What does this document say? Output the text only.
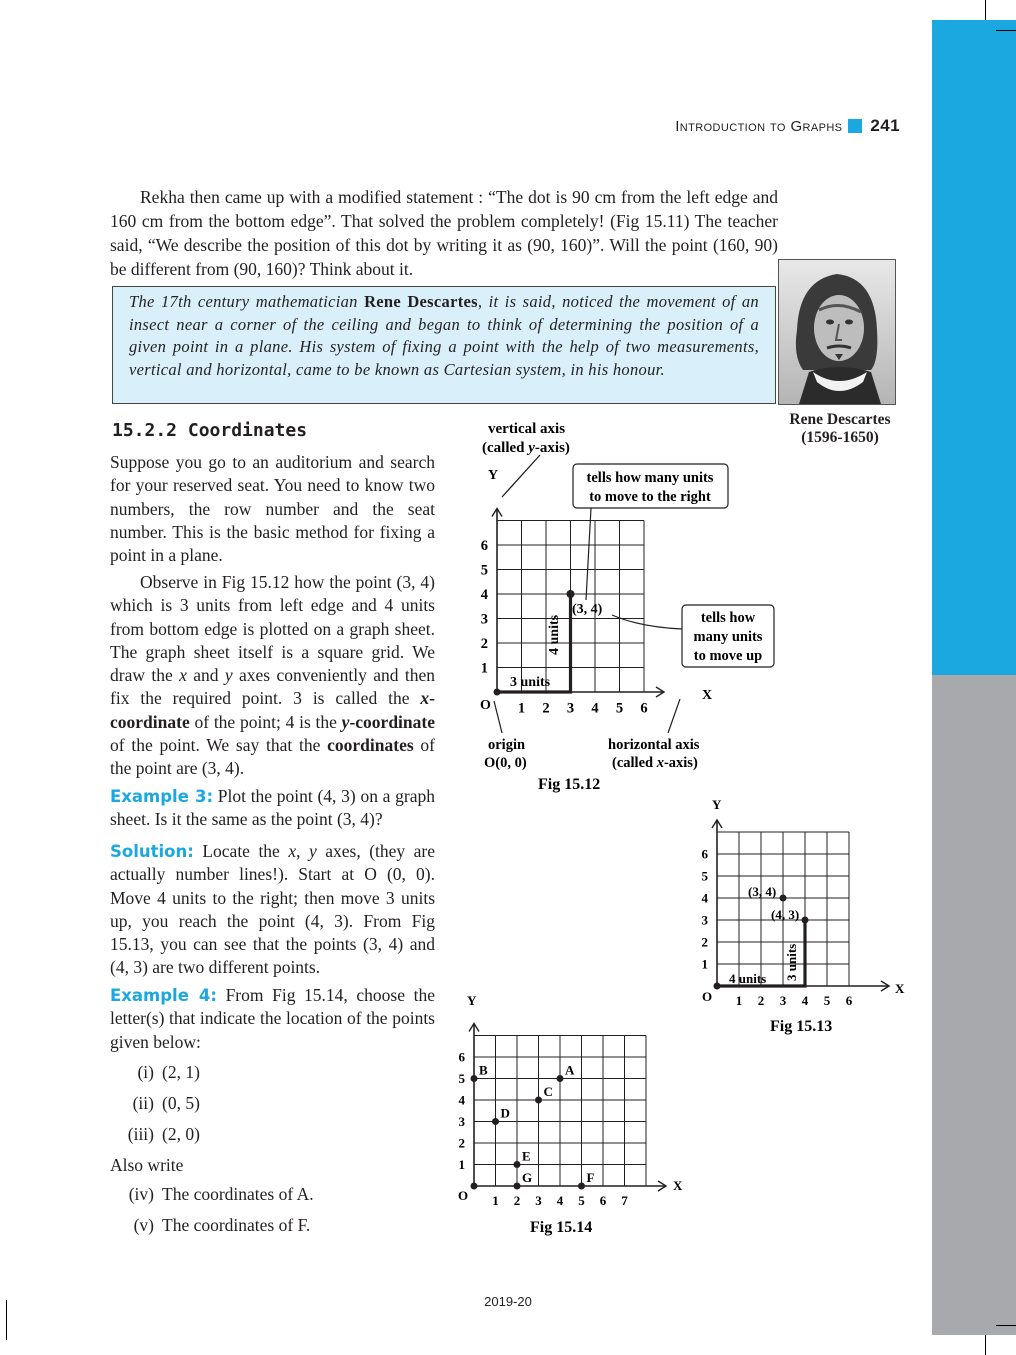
Introduction to Graphs 241

Rekha then came up with a modified statement : “The dot is 90 cm from the left edge and 160 cm from the bottom edge”. That solved the problem completely! (Fig 15.11) The teacher said, “We describe the position of this dot by writing it as (90, 160)”. Will the point (160, 90) be different from (90, 160)? Think about it.

The 17th century mathematician Rene Descartes, it is said, noticed the movement of an insect near a corner of the ceiling and began to think of determining the position of a given point in a plane. His system of fixing a point with the help of two measurements, vertical and horizontal, came to be known as Cartesian system, in his honour.
Rene Descartes
(1596-1650)
15.2.2 Coordinates

Suppose you go to an auditorium and search for your reserved seat. You need to know two numbers, the row number and the seat number. This is the basic method for fixing a point in a plane.

Observe in Fig 15.12 how the point (3, 4) which is 3 units from left edge and 4 units from bottom edge is plotted on a graph sheet. The graph sheet itself is a square grid. We draw the x and y axes conveniently and then fix the required point. 3 is called the x-coordinate of the point; 4 is the y-coordinate of the point. We say that the coordinates of the point are (3, 4).

Example 3: Plot the point (4, 3) on a graph sheet. Is it the same as the point (3, 4)?

Solution: Locate the x, y axes, (they are actually number lines!). Start at O (0, 0). Move 4 units to the right; then move 3 units up, you reach the point (4, 3). From Fig 15.13, you can see that the points (3, 4) and (4, 3) are two different points.

Example 4: From Fig 15.14, choose the letter(s) that indicate the location of the points given below:

(i) (2, 1)
(ii) (0, 5)
(iii) (2, 0)
Also write
(iv) The coordinates of A.
(v) The coordinates of F.
1 2 3 4 5 6
1
2
3
4
5
6
vertical axis
(called y-axis)
Y	tells how many units
to move to the right
tells how
many units
to move up
(3, 4)
3 units
4 units
X
O
origin
O(0, 0)
horizontal axis
(called x-axis)
Fig 15.12
1 2 3 4 5 6
1
2
3
4
5
6
Y
X
O
(3, 4)
(4, 3)
4 units 3 units
Fig 15.13
1 2 3 4 5 6 7
1
2
3
4
5
6
A
B
C
D
E
G	F
Y
X
O
Fig 15.14
2019-20
